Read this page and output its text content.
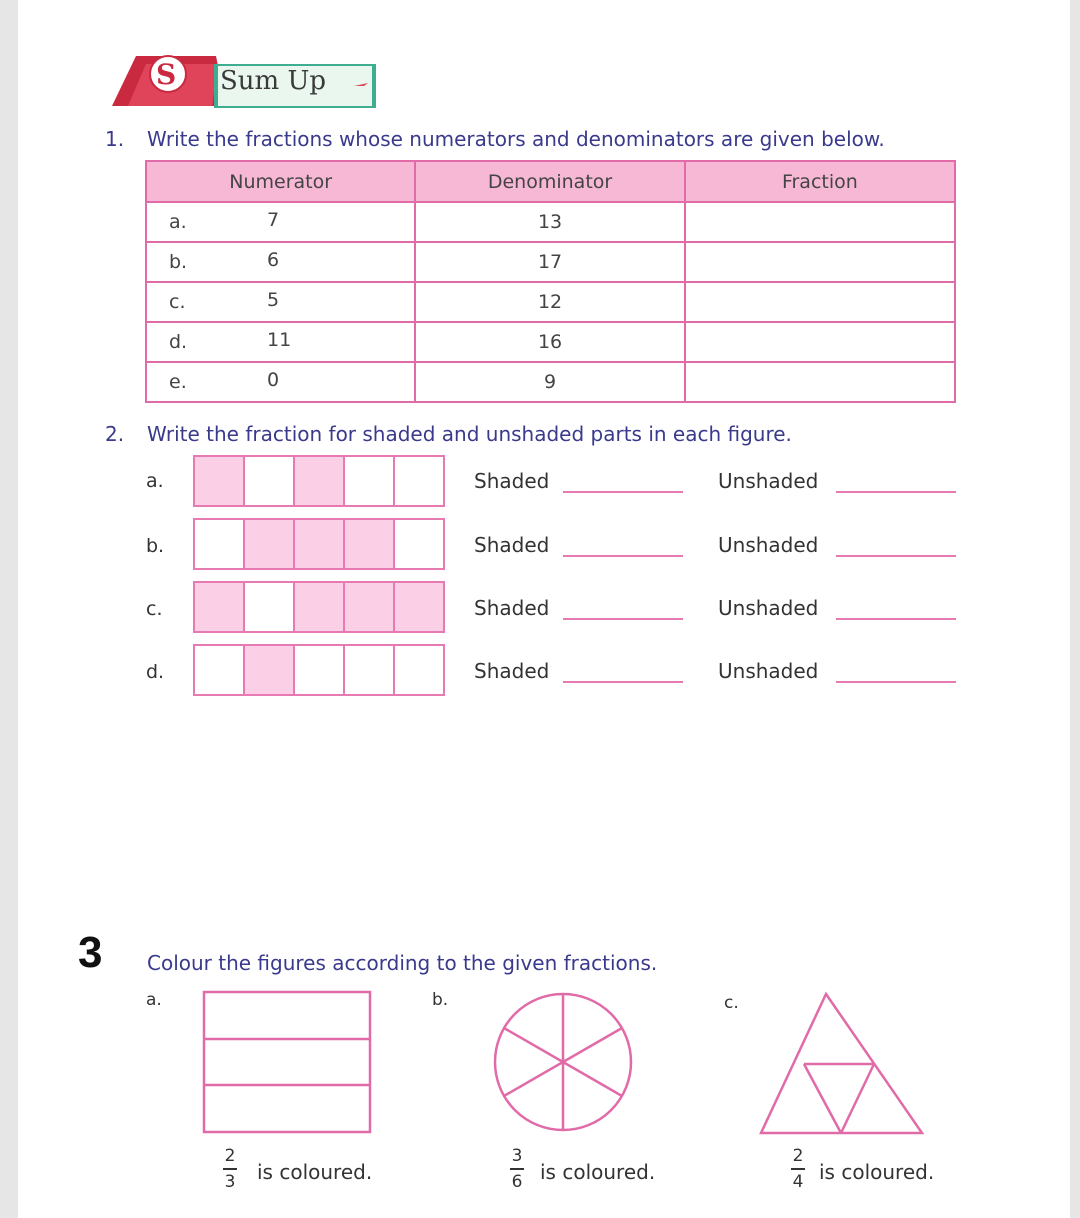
S Sum Up
1. Write the fractions whose numerators and denominators are given below.
Numerator	Denominator	Fraction
a. 7	13	
b. 6	17	
c. 5	12	
d. 11	16	
e. 0	9	
2. Write the fraction for shaded and unshaded parts in each figure.
a.	Shaded	Unshaded
b.	Shaded	Unshaded
c.	Shaded	Unshaded
d.	Shaded	Unshaded
3 Colour the figures according to the given fractions.
a.	b.	c.
2
3 is coloured.
3
6 is coloured.
2
4 is coloured.
